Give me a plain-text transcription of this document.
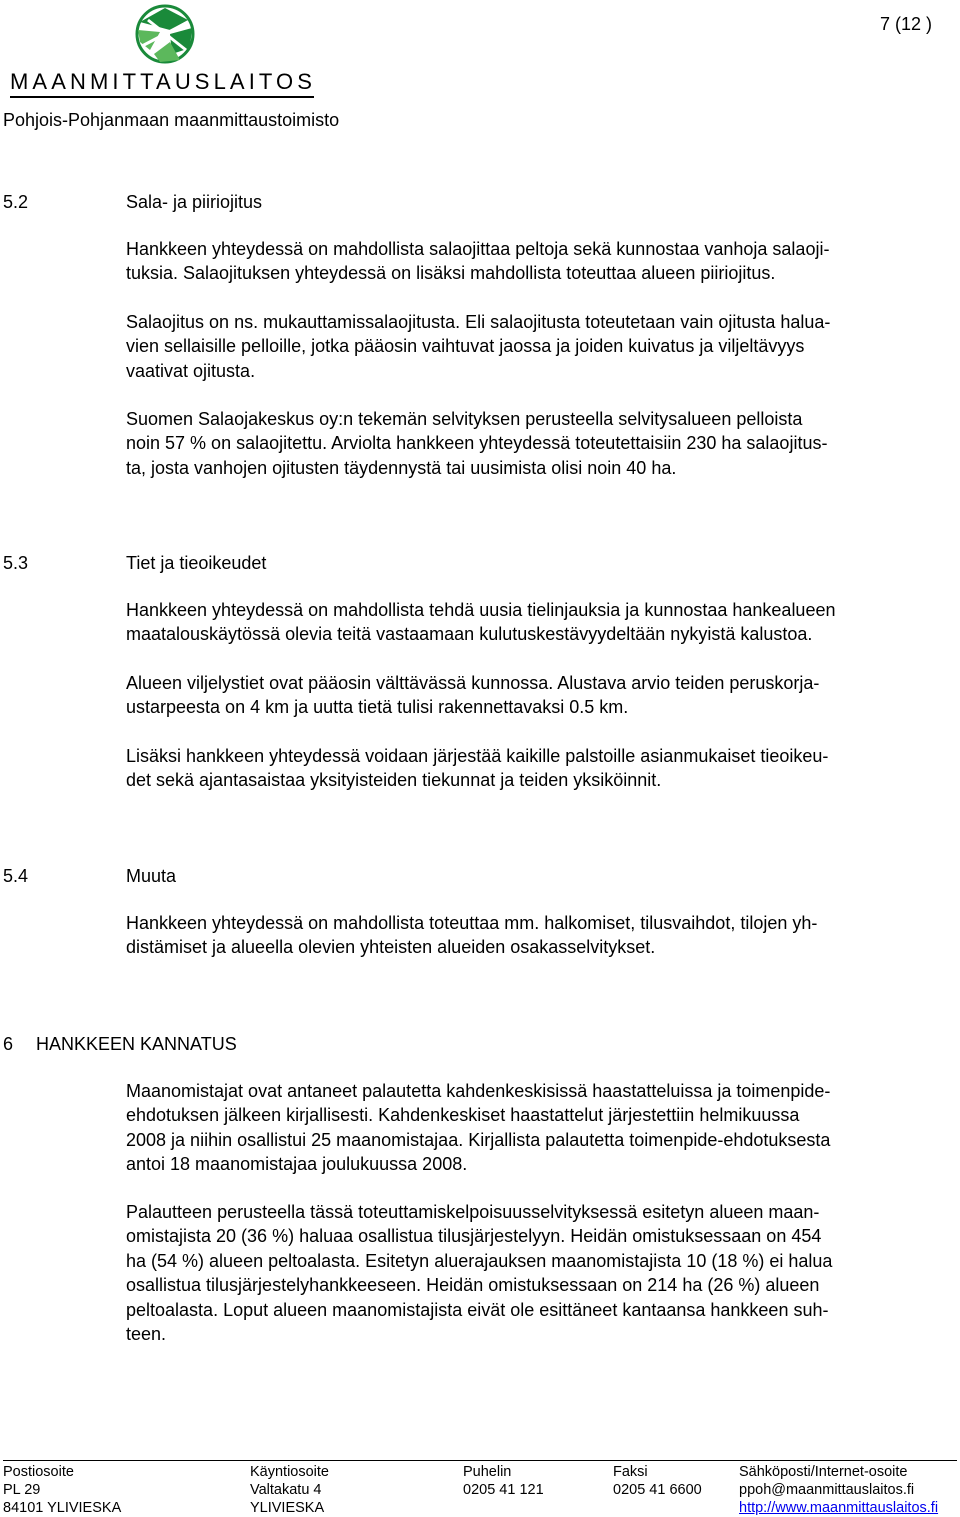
MAANMITTAUSLAITOS
Pohjois-Pohjanmaan maanmittaustoimisto
7 (12 )
5.2	Sala- ja piiriojitus
Hankkeen yhteydessä on mahdollista salaojittaa peltoja sekä kunnostaa vanhoja salaoji-
tuksia. Salaojituksen yhteydessä on lisäksi mahdollista toteuttaa alueen piiriojitus.
Salaojitus on ns. mukauttamissalaojitusta. Eli salaojitusta toteutetaan vain ojitusta halua-
vien sellaisille pelloille, jotka pääosin vaihtuvat jaossa ja joiden kuivatus ja viljeltävyys
vaativat ojitusta.
Suomen Salaojakeskus oy:n tekemän selvityksen perusteella selvitysalueen pelloista
noin 57 % on salaojitettu. Arviolta hankkeen yhteydessä toteutettaisiin 230 ha salaojitus-
ta, josta vanhojen ojitusten täydennystä tai uusimista olisi noin 40 ha.
5.3	Tiet ja tieoikeudet
Hankkeen yhteydessä on mahdollista tehdä uusia tielinjauksia ja kunnostaa hankealueen
maatalouskäytössä olevia teitä vastaamaan kulutuskestävyydeltään nykyistä kalustoa.
Alueen viljelystiet ovat pääosin välttävässä kunnossa. Alustava arvio teiden peruskorja-
ustarpeesta on 4 km ja uutta tietä tulisi rakennettavaksi 0.5 km.
Lisäksi hankkeen yhteydessä voidaan järjestää kaikille palstoille asianmukaiset tieoikeu-
det sekä ajantasaistaa yksityisteiden tiekunnat ja teiden yksiköinnit.
5.4	Muuta
Hankkeen yhteydessä on mahdollista toteuttaa mm. halkomiset, tilusvaihdot, tilojen yh-
distämiset ja alueella olevien yhteisten alueiden osakasselvitykset.
6 HANKKEEN KANNATUS
Maanomistajat ovat antaneet palautetta kahdenkeskisissä haastatteluissa ja toimenpide-
ehdotuksen jälkeen kirjallisesti. Kahdenkeskiset haastattelut järjestettiin helmikuussa
2008 ja niihin osallistui 25 maanomistajaa. Kirjallista palautetta toimenpide-ehdotuksesta
antoi 18 maanomistajaa joulukuussa 2008.
Palautteen perusteella tässä toteuttamiskelpoisuusselvityksessä esitetyn alueen maan-
omistajista 20 (36 %) haluaa osallistua tilusjärjestelyyn. Heidän omistuksessaan on 454
ha (54 %) alueen peltoalasta. Esitetyn aluerajauksen maanomistajista 10 (18 %) ei halua
osallistua tilusjärjestelyhankkeeseen. Heidän omistuksessaan on 214 ha (26 %) alueen
peltoalasta. Loput alueen maanomistajista eivät ole esittäneet kantaansa hankkeen suh-
teen.
Postiosoite
PL 29
84101 YLIVIESKA
Käyntiosoite
Valtakatu 4
YLIVIESKA
Puhelin
0205 41 121
Faksi
0205 41 6600
Sähköposti/Internet-osoite
ppoh@maanmittauslaitos.fi
http://www.maanmittauslaitos.fi
